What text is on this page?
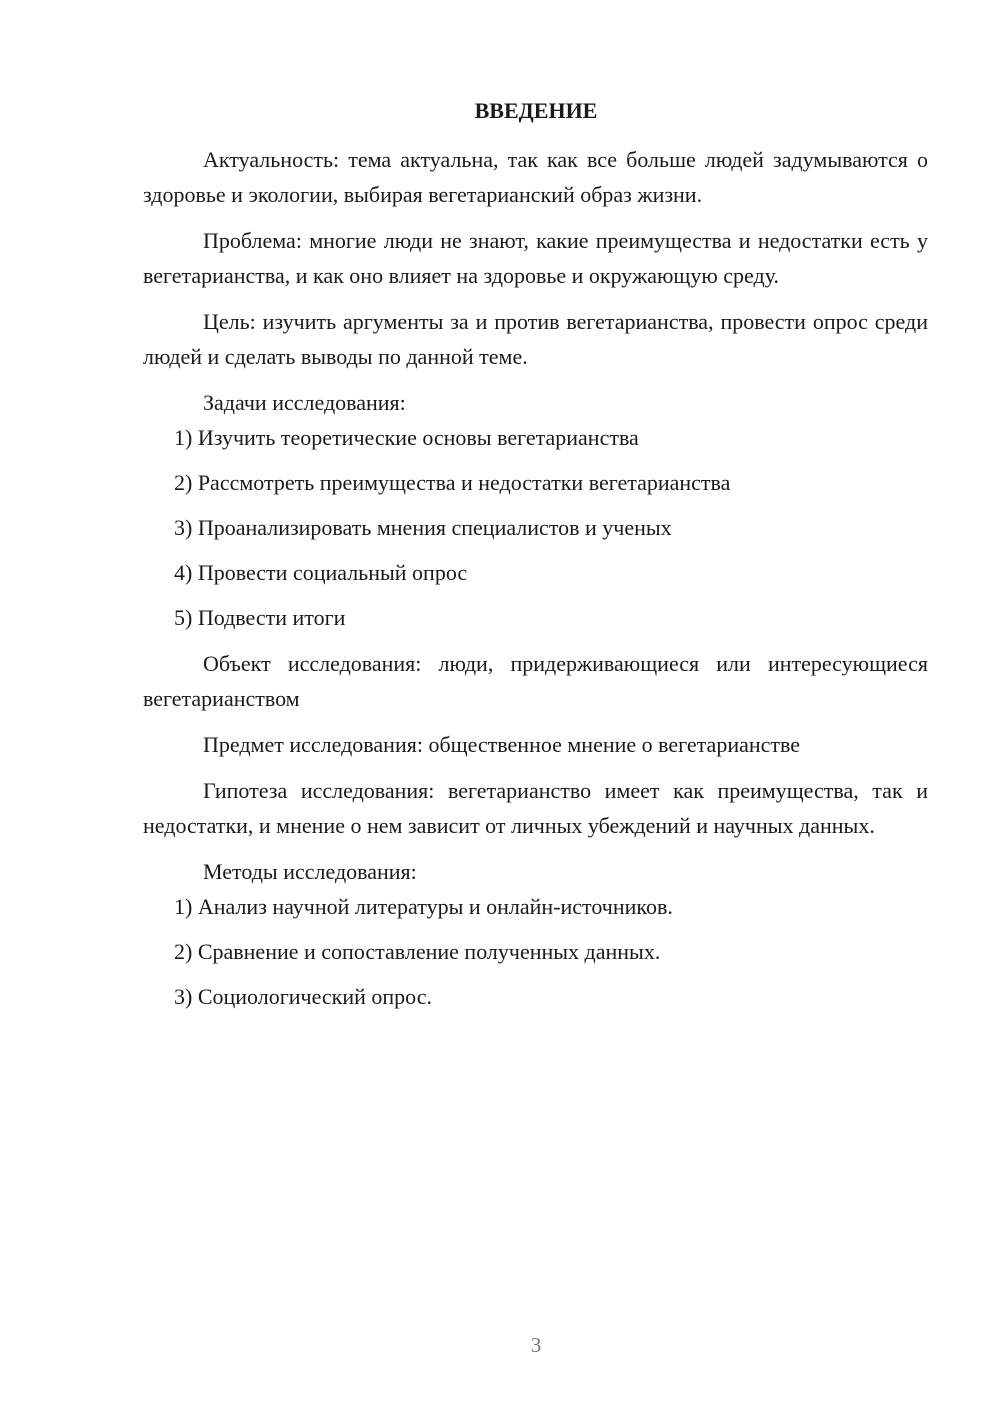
ВВЕДЕНИЕ

Актуальность: тема актуальна, так как все больше людей задумываются о здоровье и экологии, выбирая вегетарианский образ жизни.

Проблема: многие люди не знают, какие преимущества и недостатки есть у вегетарианства, и как оно влияет на здоровье и окружающую среду.

Цель: изучить аргументы за и против вегетарианства, провести опрос среди людей и сделать выводы по данной теме.

Задачи исследования:

1) Изучить теоретические основы вегетарианства

2) Рассмотреть преимущества и недостатки вегетарианства

3) Проанализировать мнения специалистов и ученых

4) Провести социальный опрос

5) Подвести итоги

Объект исследования: люди, придерживающиеся или интересующиеся вегетарианством

Предмет исследования: общественное мнение о вегетарианстве

Гипотеза исследования: вегетарианство имеет как преимущества, так и недостатки, и мнение о нем зависит от личных убеждений и научных данных.

Методы исследования:

1) Анализ научной литературы и онлайн-источников.

2) Сравнение и сопоставление полученных данных.

3) Социологический опрос.

3
